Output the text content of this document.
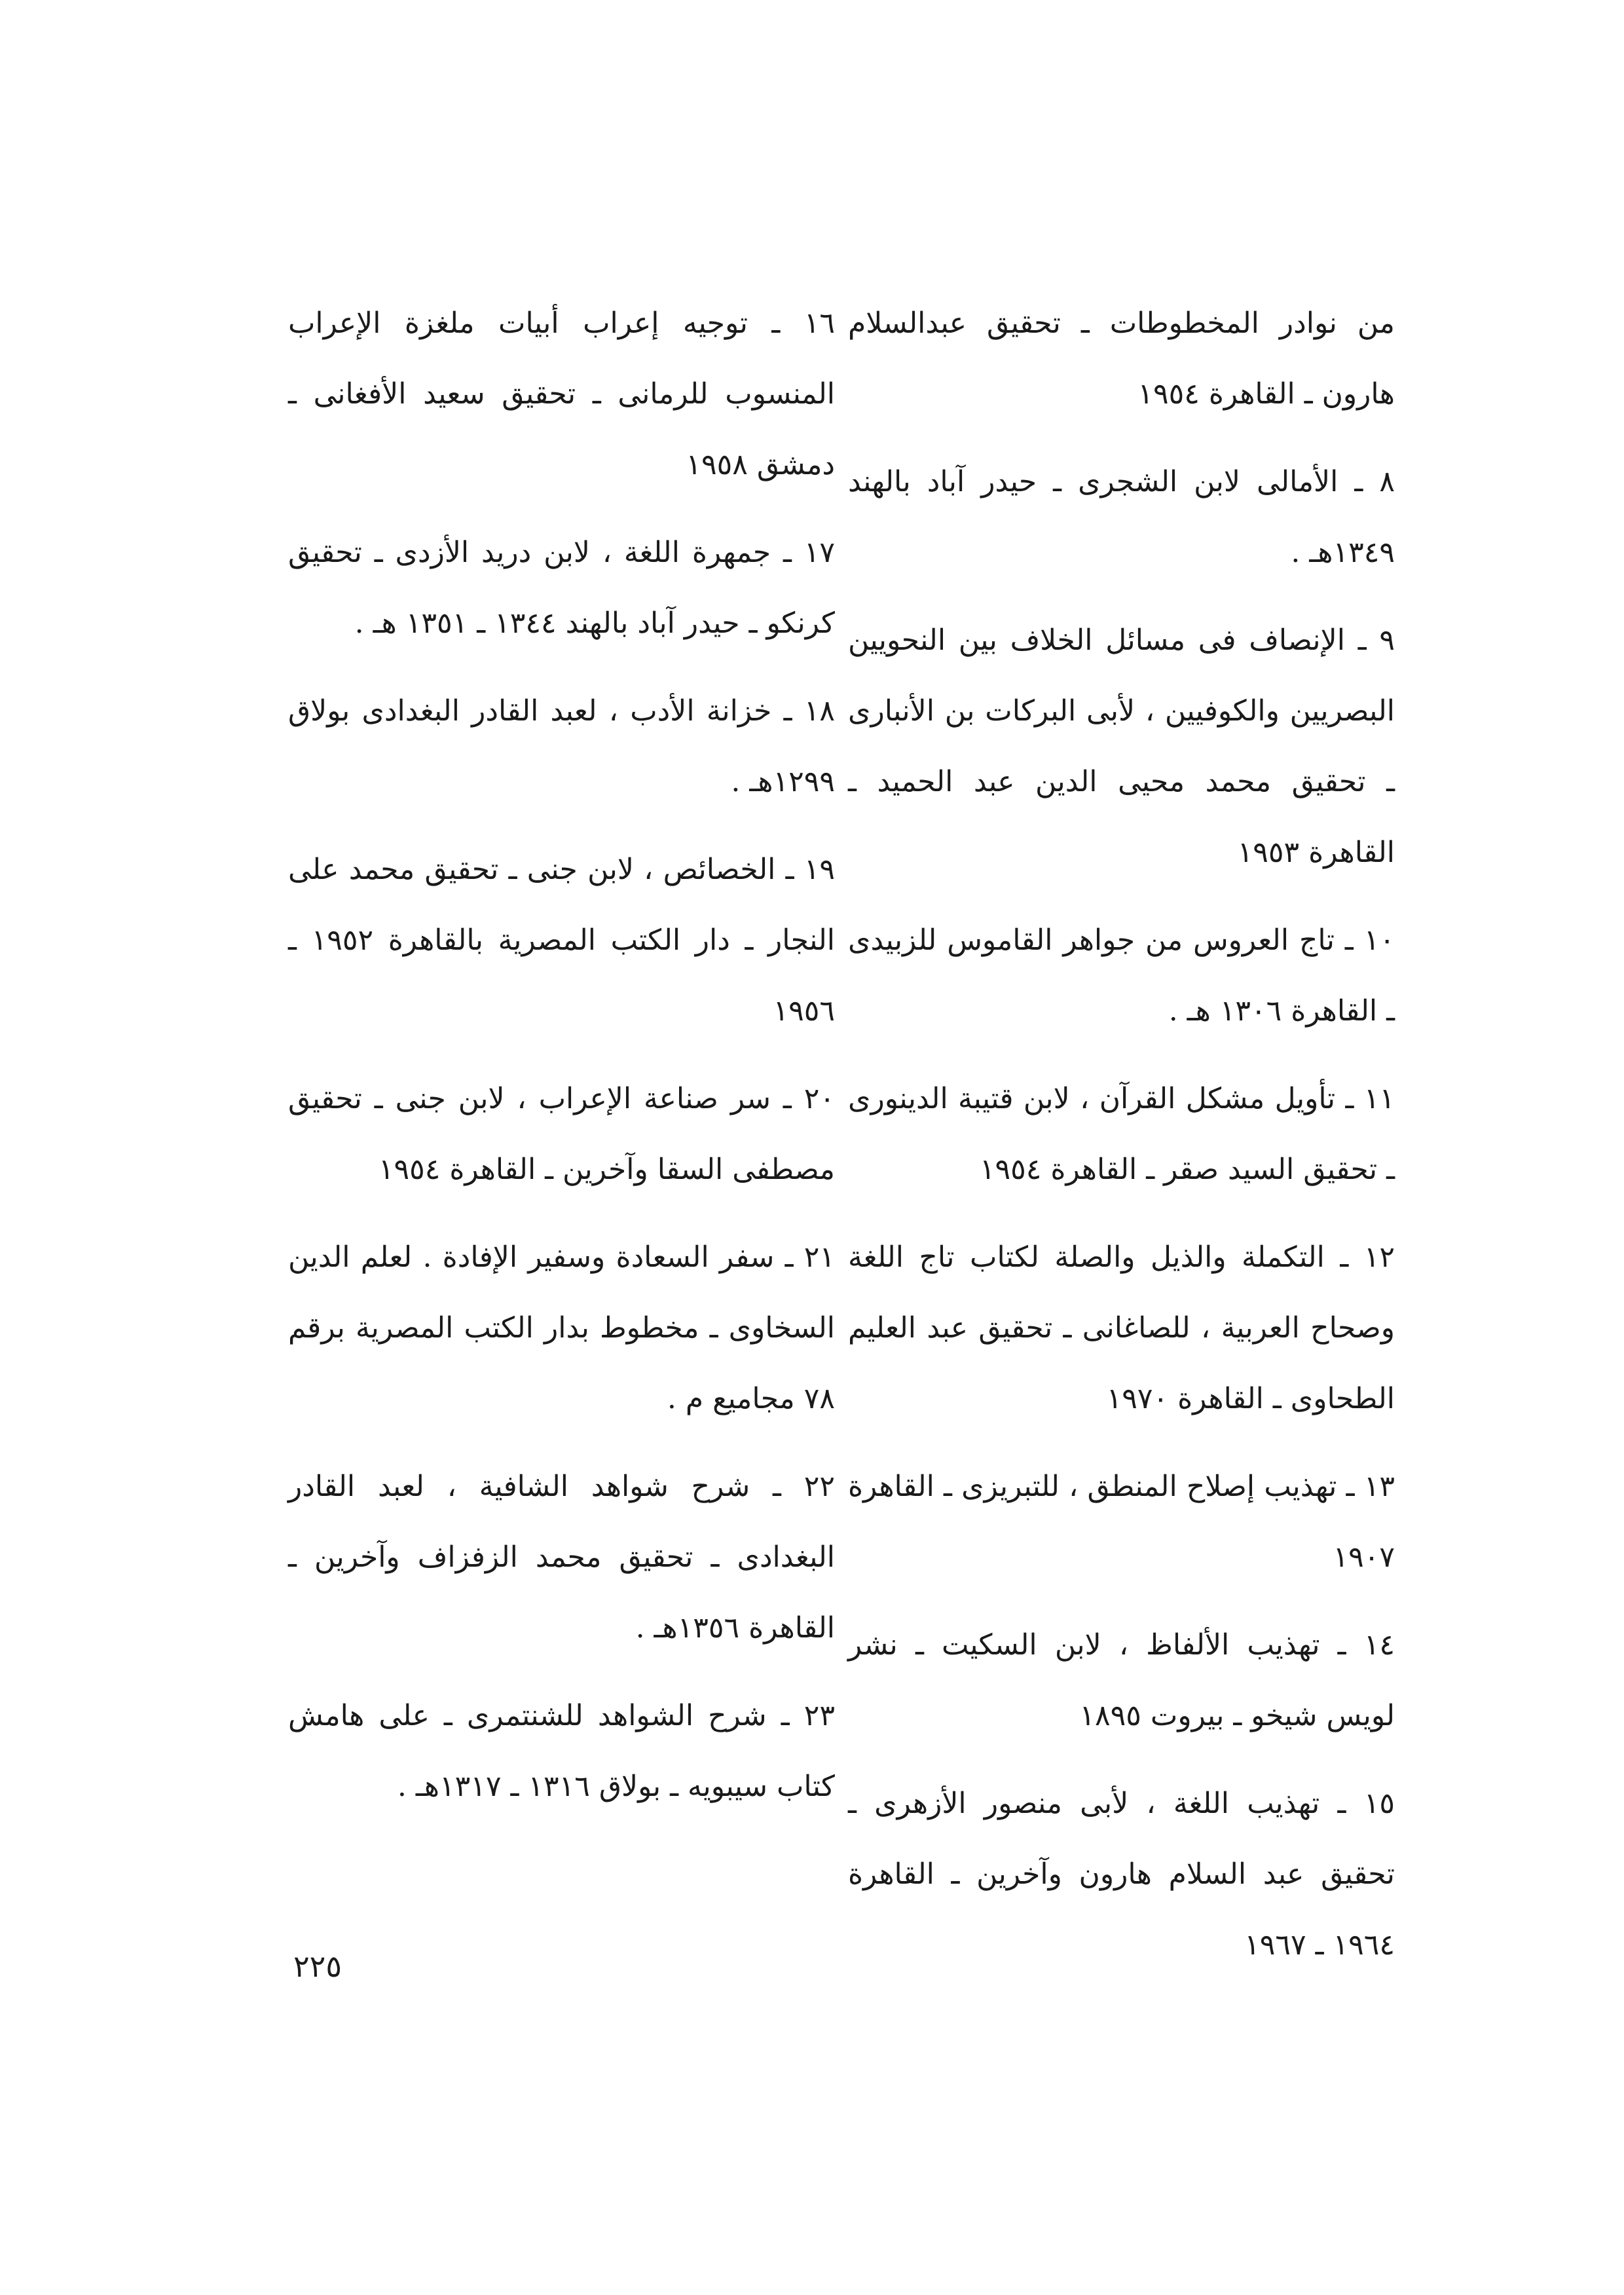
من نوادر المخطوطات ـ تحقيق عبدالسلام هارون ـ القاهرة ١٩٥٤

٨ ـ الأمالى لابن الشجرى ـ حيدر آباد بالهند ١٣٤٩هـ .

٩ ـ الإنصاف فى مسائل الخلاف بين النحويين البصريين والكوفيين ، لأبى البركات بن الأنبارى ـ تحقيق محمد محيى الدين عبد الحميد ـ القاهرة ١٩٥٣

١٠ ـ تاج العروس من جواهر القاموس للزبيدى ـ القاهرة ١٣٠٦ هـ .

١١ ـ تأويل مشكل القرآن ، لابن قتيبة الدينورى ـ تحقيق السيد صقر ـ القاهرة ١٩٥٤

١٢ ـ التكملة والذيل والصلة لكتاب تاج اللغة وصحاح العربية ، للصاغانى ـ تحقيق عبد العليم الطحاوى ـ القاهرة ١٩٧٠

١٣ ـ تهذيب إصلاح المنطق ، للتبريزى ـ القاهرة ١٩٠٧

١٤ ـ تهذيب الألفاظ ، لابن السكيت ـ نشر لويس شيخو ـ بيروت ١٨٩٥

١٥ ـ تهذيب اللغة ، لأبى منصور الأزهرى ـ تحقيق عبد السلام هارون وآخرين ـ القاهرة ١٩٦٤ ـ ١٩٦٧

١٦ ـ توجيه إعراب أبيات ملغزة الإعراب المنسوب للرمانى ـ تحقيق سعيد الأفغانى ـ دمشق ١٩٥٨

١٧ ـ جمهرة اللغة ، لابن دريد الأزدى ـ تحقيق كرنكو ـ حيدر آباد بالهند ١٣٤٤ ـ ١٣٥١ هـ .

١٨ ـ خزانة الأدب ، لعبد القادر البغدادى بولاق ١٢٩٩هـ .

١٩ ـ الخصائص ، لابن جنى ـ تحقيق محمد على النجار ـ دار الكتب المصرية بالقاهرة ١٩٥٢ ـ ١٩٥٦

٢٠ ـ سر صناعة الإعراب ، لابن جنى ـ تحقيق مصطفى السقا وآخرين ـ القاهرة ١٩٥٤

٢١ ـ سفر السعادة وسفير الإفادة . لعلم الدين السخاوى ـ مخطوط بدار الكتب المصرية برقم ٧٨ مجاميع م .

٢٢ ـ شرح شواهد الشافية ، لعبد القادر البغدادى ـ تحقيق محمد الزفزاف وآخرين ـ القاهرة ١٣٥٦هـ .

٢٣ ـ شرح الشواهد للشنتمرى ـ على هامش كتاب سيبويه ـ بولاق ١٣١٦ ـ ١٣١٧هـ .

٢٢٥
